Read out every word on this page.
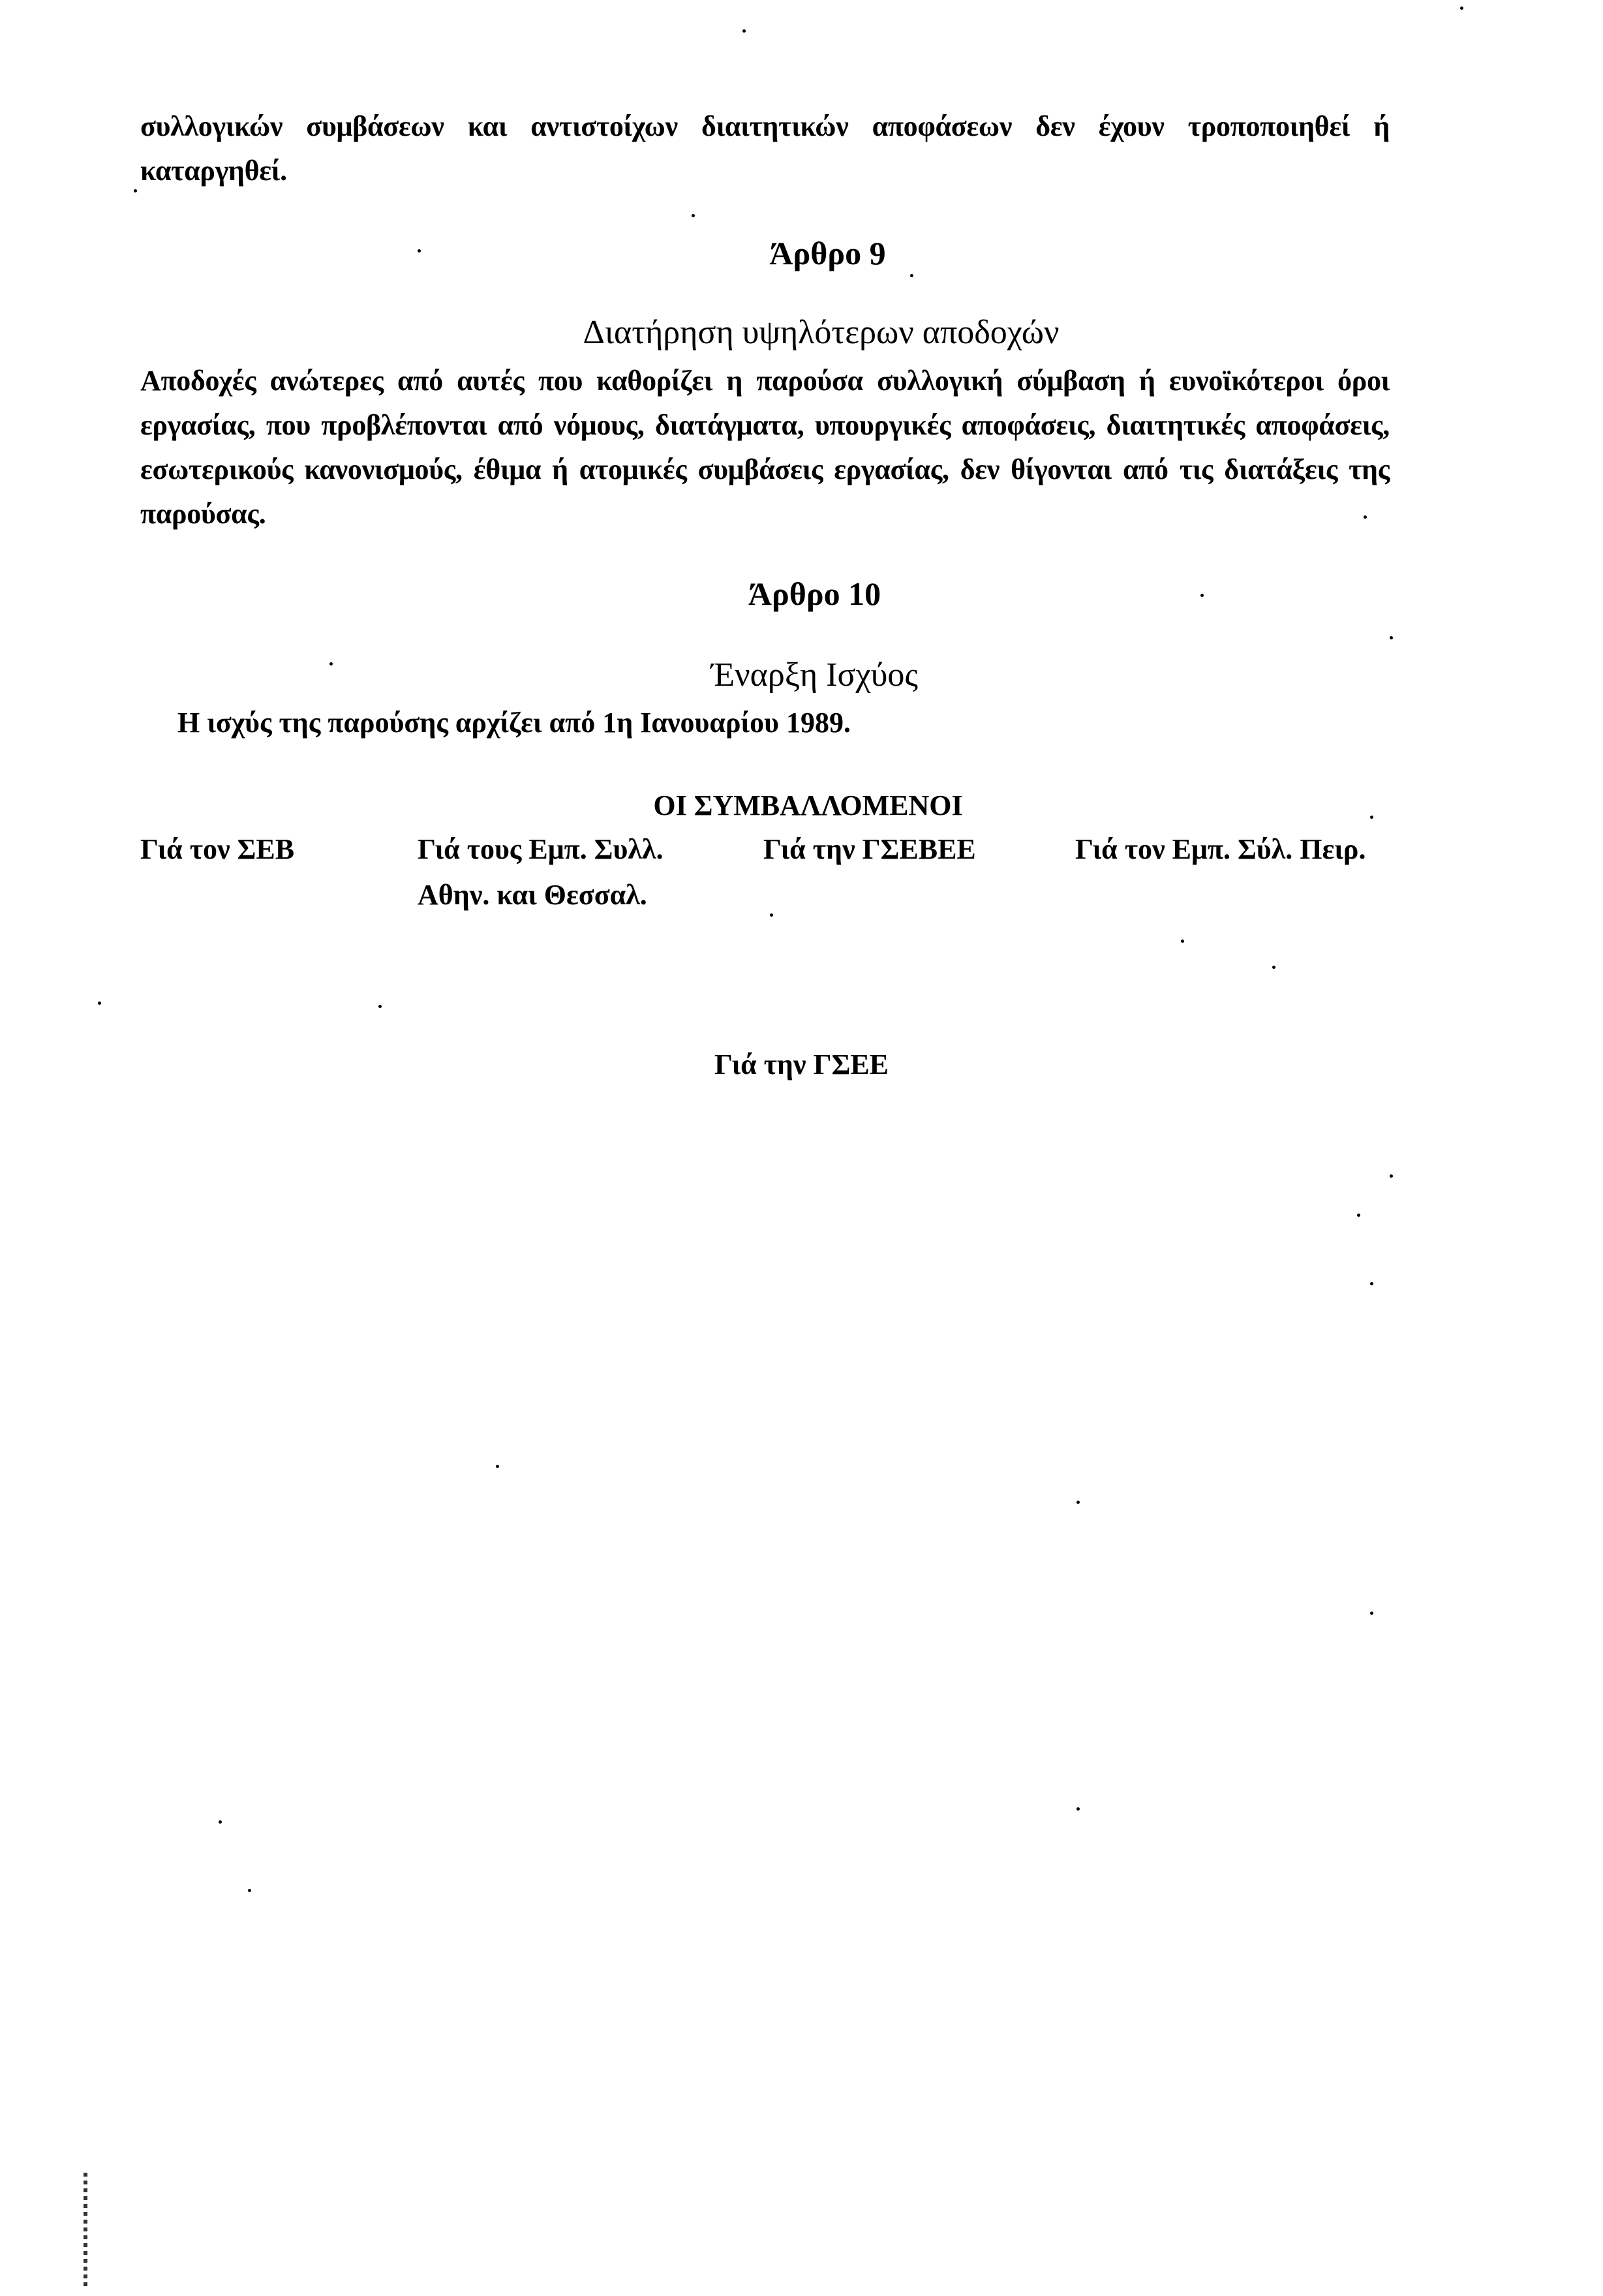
συλλογικών συμβάσεων και αντιστοίχων διαιτητικών αποφάσεων δεν έχουν τροποποιηθεί ή καταργηθεί.
Άρθρο 9
Διατήρηση υψηλότερων αποδοχών
Αποδοχές ανώτερες από αυτές που καθορίζει η παρούσα συλλογική σύμβαση ή ευνοϊκότεροι όροι εργασίας, που προβλέπονται από νόμους, διατάγματα, υπουργικές αποφάσεις, διαιτητικές αποφάσεις, εσωτερικούς κανονισμούς, έθιμα ή ατομικές συμβάσεις εργασίας, δεν θίγονται από τις διατάξεις της παρούσας.
Άρθρο 10
Έναρξη Ισχύος
Η ισχύς της παρούσης αρχίζει από 1η Ιανουαρίου 1989.
ΟΙ ΣΥΜΒΑΛΛΟΜΕΝΟΙ
Γιά τον ΣΕΒ	Γιά τους Εμπ. Συλλ.
Αθην. και Θεσσαλ.
Γιά την ΓΣΕΒΕΕ	Γιά τον Εμπ. Σύλ. Πειρ.
Γιά την ΓΣΕΕ
